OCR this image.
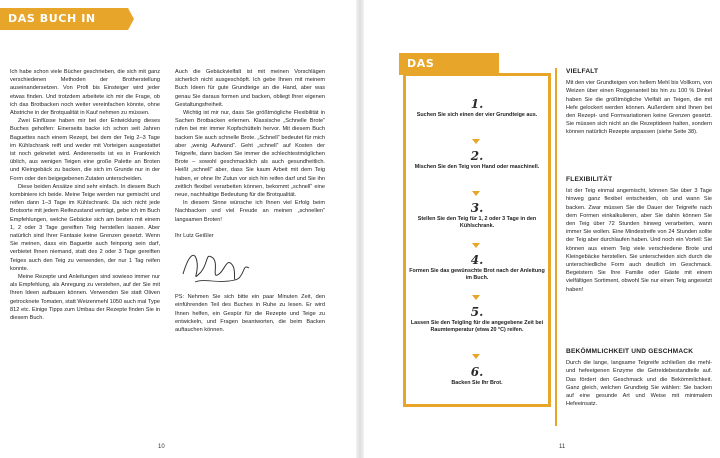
DAS BUCH IN KÜRZE

Ich habe schon viele Bücher geschrieben, die sich mit ganz verschiedenen Methoden der Brotherstellung auseinandersetzen. Von Profi bis Einsteiger wird jeder etwas finden. Und trotzdem arbeitete ich mir die Frage, ob ich das Brotbacken noch weiter vereinfachen könnte, ohne Abstriche in der Brotqualität in Kauf nehmen zu müssen.

Zwei Einflüsse haben mir bei der Entwicklung dieses Buches geholfen: Einerseits backe ich schon seit Jahren Baguettes nach einem Rezept, bei dem der Teig 2–3 Tage im Kühlschrank reift und weder mit Vorteigen ausgestattet ist noch geknetet wird. Andererseits ist es in Frankreich üblich, aus wenigen Teigen eine große Palette an Broten und Kleingebäck zu backen, die sich im Grunde nur in der Form oder den beigegebenen Zutaten unterscheiden.

Diese beiden Ansätze sind sehr einfach. In diesem Buch kombiniere ich beide. Meine Teige werden nur gemischt und reifen dann 1–3 Tage im Kühlschrank. Da sich nicht jede Brotsorte mit jedem Reifezustand verträgt, gebe ich im Buch Empfehlungen, welche Gebäcke sich am besten mit einem 1, 2 oder 3 Tage gereiften Teig herstellen lassen. Aber natürlich sind Ihrer Fantasie keine Grenzen gesetzt. Wenn Sie meinen, dass ein Baguette auch feinporig sein darf, verbietet Ihnen niemand, statt des 2 oder 3 Tage gereiften Teiges auch den Teig zu verwenden, der nur 1 Tag reifen konnte.

Meine Rezepte und Anleitungen sind sowieso immer nur als Empfehlung, als Anregung zu verstehen, auf der Sie mit Ihren Ideen aufbauen können. Verwenden Sie statt Oliven getrocknete Tomaten, statt Weizenmehl 1050 auch mal Type 812 etc. Einige Tipps zum Umbau der Rezepte finden Sie in diesem Buch.

Auch die Gebäckvielfalt ist mit meinen Vorschlägen sicherlich nicht ausgeschöpft. Ich gebe Ihnen mit meinem Buch Ideen für gute Grundteige an die Hand, aber was genau Sie daraus formen und backen, obliegt Ihrer eigenen Gestaltungsfreiheit.

Wichtig ist mir nur, dass Sie größtmögliche Flexibilität in Sachen Brotbacken erlernen. Klassische „Schnelle Brote“ rufen bei mir immer Kopfschütteln hervor. Mit diesem Buch backen Sie auch schnelle Brote. „Schnell“ bedeutet für mich aber „wenig Aufwand“. Geht „schnell“ auf Kosten der Teigreife, dann backen Sie immer die schlechtestmöglichen Brote – sowohl geschmacklich als auch gesundheitlich. Heißt „schnell“ aber, dass Sie kaum Arbeit mit dem Teig haben, er ohne Ihr Zutun vor sich hin reifen darf und Sie ihn zeitlich flexibel verarbeiten können, bekommt „schnell“ eine neue, nachhaltige Bedeutung für die Brotqualität.

In diesem Sinne wünsche ich Ihnen viel Erfolg beim Nachbacken und viel Freude an meinen „schnellen“ langsamen Broten!

Ihr Lutz Geißler

PS: Nehmen Sie sich bitte ein paar Minuten Zeit, den einführenden Teil des Buches in Ruhe zu lesen. Er wird Ihnen helfen, ein Gespür für die Rezepte und Teige zu entwickeln, und Fragen beantworten, die beim Backen auftauchen können.

10
DAS
1.
Suchen Sie sich einen der vier Grundteige aus.
2.
Mischen Sie den Teig von Hand oder maschinell.
3.
Stellen Sie den Teig für 1, 2 oder 3 Tage in den Kühlschrank.
4.
Formen Sie das gewünschte Brot nach der Anleitung im Buch.
5.
Lassen Sie den Teigling für die angegebene Zeit bei Raumtemperatur (etwa 20 °C) reifen.
6.
Backen Sie Ihr Brot.
VIELFALT

Mit den vier Grundteigen von hellem Mehl bis Vollkorn, von Weizen über einen Roggenanteil bis hin zu 100 % Dinkel haben Sie die größtmögliche Vielfalt an Teigen, die mit Hefe gelockert werden können. Außerdem sind Ihnen bei den Rezept- und Formvariationen keine Grenzen gesetzt. Sie müssen sich nicht an die Rezeptideen halten, sondern können natürlich Rezepte anpassen (siehe Seite 38).

FLEXIBILITÄT

Ist der Teig einmal angemischt, können Sie über 3 Tage hinweg ganz flexibel entscheiden, ob und wann Sie backen. Zwar müssen Sie die Dauer der Teigreife nach dem Formen einkalkulieren, aber Sie dahin können Sie den Teig über 72 Stunden hinweg verarbeiten, wann immer Sie wollen. Eine Mindestreife von 24 Stunden sollte der Teig aber durchlaufen haben. Und noch ein Vorteil: Sie können aus einem Teig viele verschiedene Brote und Kleingebäcke herstellen. Sie unterscheiden sich durch die unterschiedliche Form auch deutlich im Geschmack. Begeistern Sie Ihre Familie oder Gäste mit einem vielfältigen Sortiment, obwohl Sie nur einen Teig angesetzt haben!

BEKÖMMLICHKEIT UND GESCHMACK

Durch die lange, langsame Teigreife schließen die mehl- und hefeeigenen Enzyme die Getreidebestandteile auf. Das fördert den Geschmack und die Bekömmlichkeit. Ganz gleich, welchen Grundteig Sie wählen: Sie backen auf eine gesunde Art und Weise mit minimalem Hefeeinsatz.

11
